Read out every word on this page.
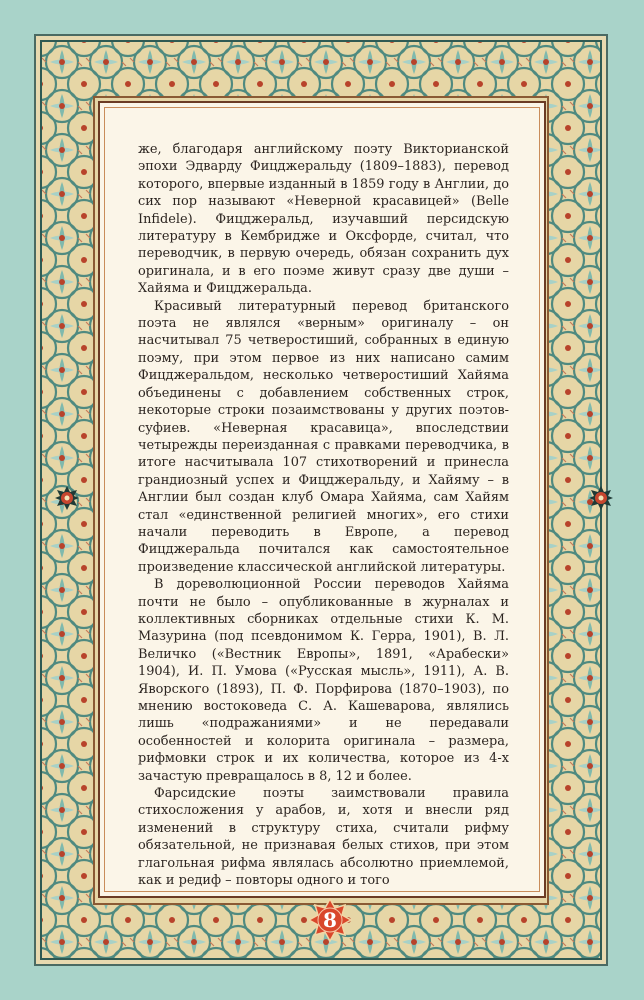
же, благодаря английскому поэту Викторианской эпохи Эдварду Фицджеральду (1809–1883), перевод которого, впервые изданный в 1859 году в Англии, до сих пор называют «Неверной красавицей» (Belle Infidele). Фицджеральд, изучавший персидскую литературу в Кембридже и Оксфорде, считал, что переводчик, в первую очередь, обязан сохранить дух оригинала, и в его поэме живут сразу две души – Хайяма и Фицджеральда.

Красивый литературный перевод британского поэта не являлся «верным» оригиналу – он насчитывал 75 четверостиший, собранных в единую поэму, при этом первое из них написано самим Фицджеральдом, несколько четверостиший Хайяма объединены с добавлением собственных строк, некоторые строки позаимствованы у других поэтов-суфиев. «Неверная красавица», впоследствии четырежды переизданная с правками переводчика, в итоге насчитывала 107 стихотворений и принесла грандиозный успех и Фицджеральду, и Хайяму – в Англии был создан клуб Омара Хайяма, сам Хайям стал «единственной религией многих», его стихи начали переводить в Европе, а перевод Фицджеральда почитался как самостоятельное произведение классической английской литературы.

В дореволюционной России переводов Хайяма почти не было – опубликованные в журналах и коллективных сборниках отдельные стихи К. М. Мазурина (под псевдонимом К. Герра, 1901), В. Л. Величко («Вестник Европы», 1891, «Арабески» 1904), И. П. Умова («Русская мысль», 1911), А. В. Яворского (1893), П. Ф. Порфирова (1870–1903), по мнению востоковеда С. А. Кашеварова, являлись лишь «подражаниями» и не передавали особенностей и колорита оригинала – размера, рифмовки строк и их количества, которое из 4-х зачастую превращалось в 8, 12 и более.

Фарсидские поэты заимствовали правила стихосложения у арабов, и, хотя и внесли ряд изменений в структуру стиха, считали рифму обязательной, не признавая белых стихов, при этом глагольная рифма являлась абсолютно приемлемой, как и редиф – повторы одного и того

8
